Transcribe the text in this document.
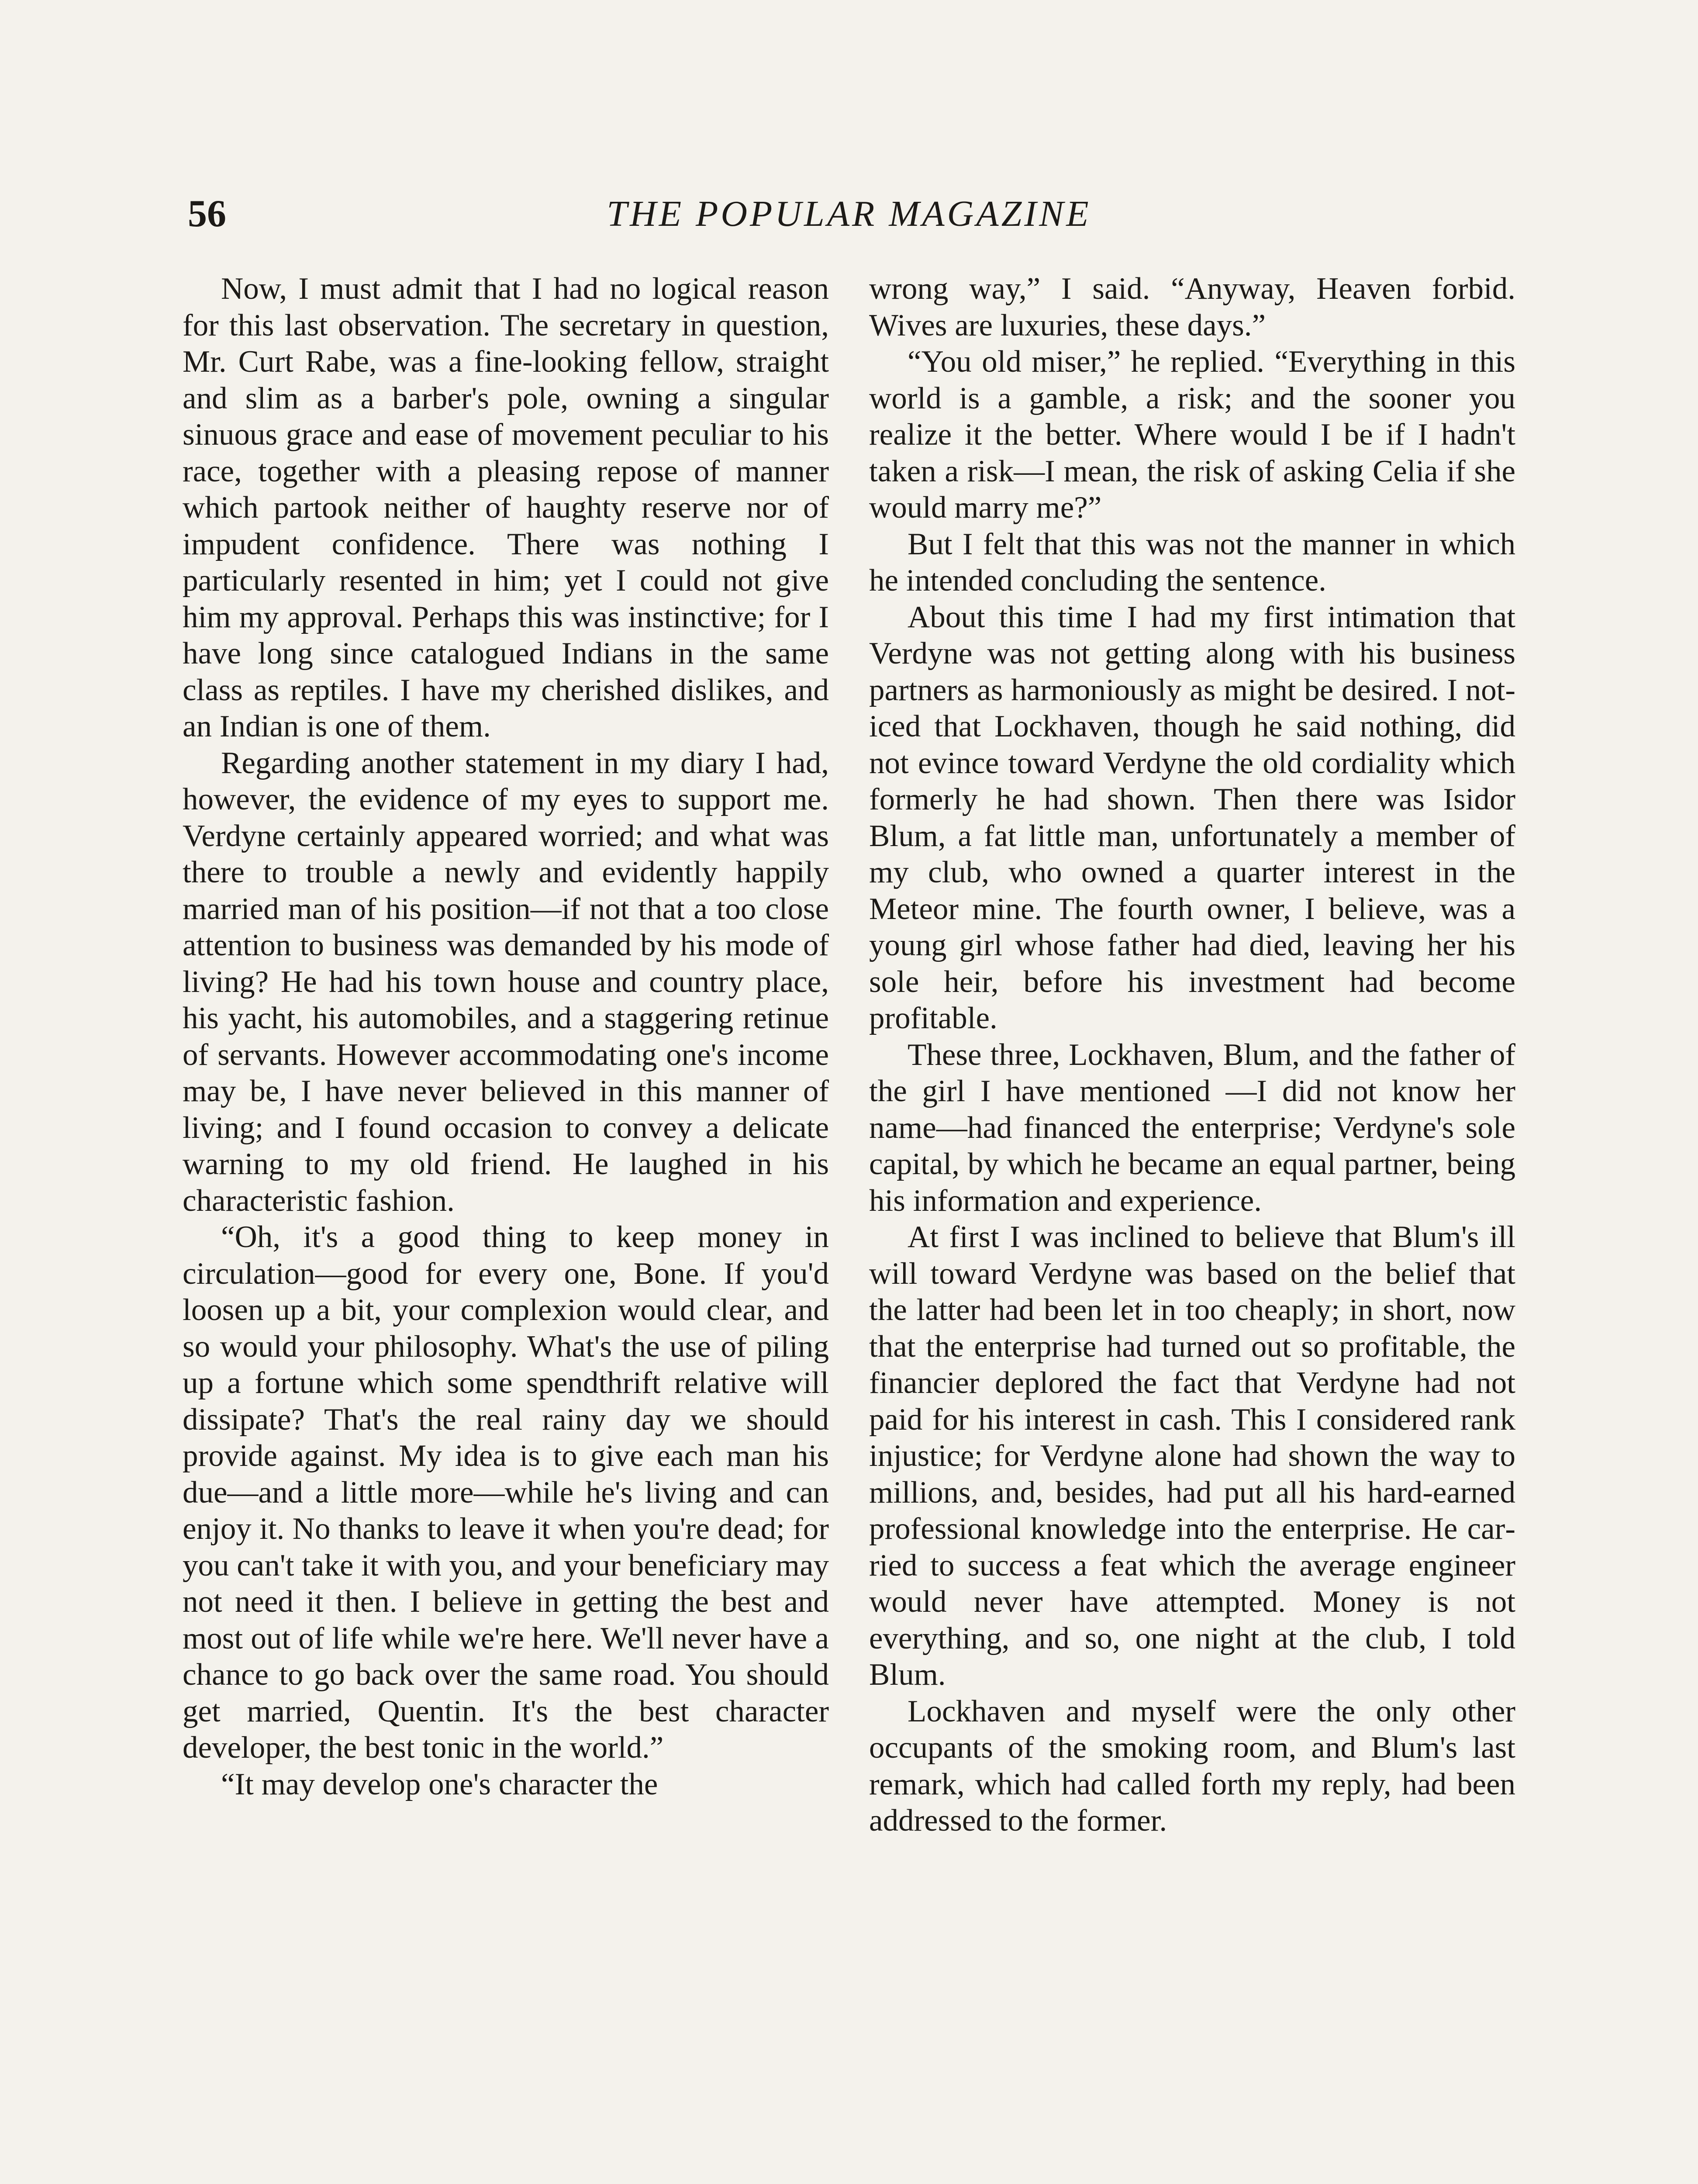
56	THE POPULAR MAGAZINE

Now, I must admit that I had no logical reason for this last observation. The secretary in question, Mr. Curt Rabe, was a fine-looking fellow, straight and slim as a barber's pole, owning a singular sinuous grace and ease of movement peculiar to his race, together with a pleasing repose of manner which partook neither of haughty reserve nor of impudent confidence. There was nothing I particularly resented in him; yet I could not give him my approval. Perhaps this was instinctive; for I have long since catalogued Indians in the same class as reptiles. I have my cherished dislikes, and an Indian is one of them.

Regarding another statement in my diary I had, however, the evidence of my eyes to support me. Verdyne certainly appeared worried; and what was there to trouble a newly and evidently happily married man of his position—if not that a too close attention to business was demanded by his mode of living? He had his town house and country place, his yacht, his automobiles, and a staggering retinue of servants. However accommodating one's income may be, I have never believed in this manner of living; and I found occasion to convey a delicate warning to my old friend. He laughed in his characteristic fashion.

“Oh, it's a good thing to keep money in circulation—good for every one, Bone. If you'd loosen up a bit, your complexion would clear, and so would your philosophy. What's the use of piling up a fortune which some spendthrift relative will dissipate? That's the real rainy day we should provide against. My idea is to give each man his due—and a little more—while he's living and can enjoy it. No thanks to leave it when you're dead; for you can't take it with you, and your beneficiary may not need it then. I believe in getting the best and most out of life while we're here. We'll never have a chance to go back over the same road. You should get married, Quentin. It's the best character developer, the best tonic in the world.”

“It may develop one's character the

wrong way,” I said. “Anyway, Heaven forbid. Wives are luxuries, these days.”

“You old miser,” he replied. “Everything in this world is a gamble, a risk; and the sooner you realize it the better. Where would I be if I hadn't taken a risk—I mean, the risk of asking Celia if she would marry me?”

But I felt that this was not the manner in which he intended concluding the sentence.

About this time I had my first intimation that Verdyne was not getting along with his business partners as harmoniously as might be desired. I noticed that Lockhaven, though he said nothing, did not evince toward Verdyne the old cordiality which formerly he had shown. Then there was Isidor Blum, a fat little man, unfortunately a member of my club, who owned a quarter interest in the Meteor mine. The fourth owner, I believe, was a young girl whose father had died, leaving her his sole heir, before his investment had become profitable.

These three, Lockhaven, Blum, and the father of the girl I have mentioned —I did not know her name—had financed the enterprise; Verdyne's sole capital, by which he became an equal partner, being his information and experience.

At first I was inclined to believe that Blum's ill will toward Verdyne was based on the belief that the latter had been let in too cheaply; in short, now that the enterprise had turned out so profitable, the financier deplored the fact that Verdyne had not paid for his interest in cash. This I considered rank injustice; for Verdyne alone had shown the way to millions, and, besides, had put all his hard-earned professional knowledge into the enterprise. He carried to success a feat which the average engineer would never have attempted. Money is not everything, and so, one night at the club, I told Blum.

Lockhaven and myself were the only other occupants of the smoking room, and Blum's last remark, which had called forth my reply, had been addressed to the former.
